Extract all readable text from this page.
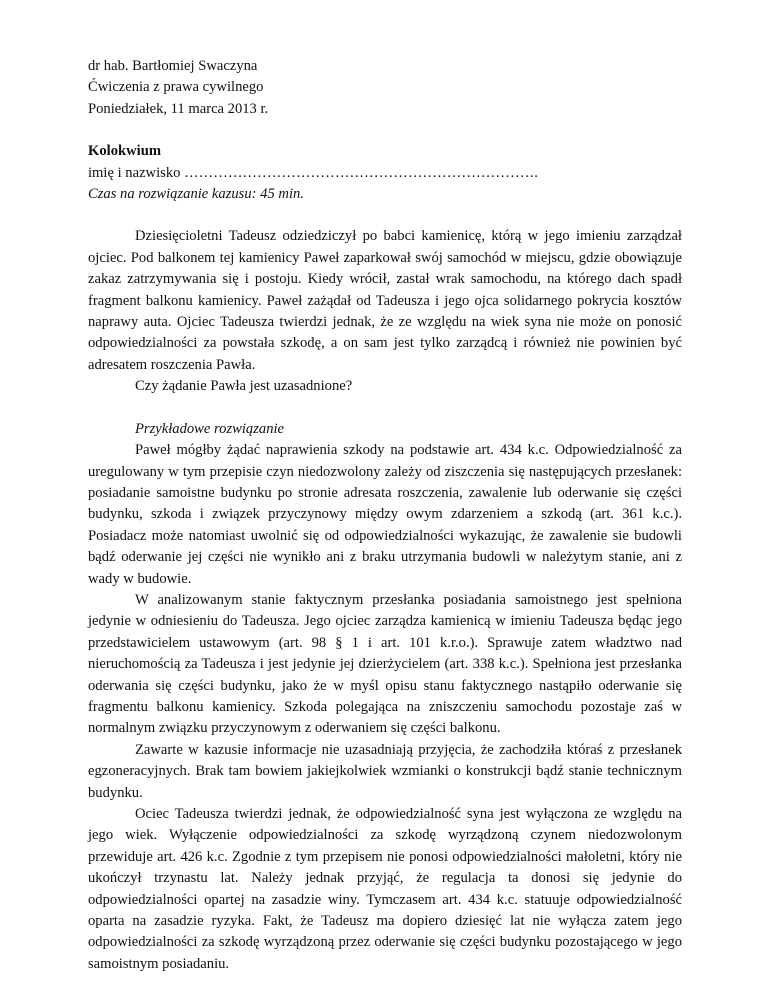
dr hab. Bartłomiej Swaczyna
Ćwiczenia z prawa cywilnego
Poniedziałek, 11 marca 2013 r.
Kolokwium
imię i nazwisko ……………………………………………………………….
Czas na rozwiązanie kazusu: 45 min.

Dziesięcioletni Tadeusz odziedziczył po babci kamienicę, którą w jego imieniu zarządzał ojciec. Pod balkonem tej kamienicy Paweł zaparkował swój samochód w miejscu, gdzie obowiązuje zakaz zatrzymywania się i postoju. Kiedy wrócił, zastał wrak samochodu, na którego dach spadł fragment balkonu kamienicy. Paweł zażądał od Tadeusza i jego ojca solidarnego pokrycia kosztów naprawy auta. Ojciec Tadeusza twierdzi jednak, że ze względu na wiek syna nie może on ponosić odpowiedzialności za powstała szkodę, a on sam jest tylko zarządcą i również nie powinien być adresatem roszczenia Pawła.

Czy żądanie Pawła jest uzasadnione?

Przykładowe rozwiązanie

Paweł mógłby żądać naprawienia szkody na podstawie art. 434 k.c. Odpowiedzialność za uregulowany w tym przepisie czyn niedozwolony zależy od ziszczenia się następujących przesłanek: posiadanie samoistne budynku po stronie adresata roszczenia, zawalenie lub oderwanie się części budynku, szkoda i związek przyczynowy między owym zdarzeniem a szkodą (art. 361 k.c.). Posiadacz może natomiast uwolnić się od odpowiedzialności wykazując, że zawalenie sie budowli bądź oderwanie jej części nie wynikło ani z braku utrzymania budowli w należytym stanie, ani z wady w budowie.

W analizowanym stanie faktycznym przesłanka posiadania samoistnego jest spełniona jedynie w odniesieniu do Tadeusza. Jego ojciec zarządza kamienicą w imieniu Tadeusza będąc jego przedstawicielem ustawowym (art. 98 § 1 i art. 101 k.r.o.). Sprawuje zatem władztwo nad nieruchomością za Tadeusza i jest jedynie jej dzierżycielem (art. 338 k.c.). Spełniona jest przesłanka oderwania się części budynku, jako że w myśl opisu stanu faktycznego nastąpiło oderwanie się fragmentu balkonu kamienicy. Szkoda polegająca na zniszczeniu samochodu pozostaje zaś w normalnym związku przyczynowym z oderwaniem się części balkonu.

Zawarte w kazusie informacje nie uzasadniają przyjęcia, że zachodziła któraś z przesłanek egzoneracyjnych. Brak tam bowiem jakiejkolwiek wzmianki o konstrukcji bądź stanie technicznym budynku.

Ociec Tadeusza twierdzi jednak, że odpowiedzialność syna jest wyłączona ze względu na jego wiek. Wyłączenie odpowiedzialności za szkodę wyrządzoną czynem niedozwolonym przewiduje art. 426 k.c. Zgodnie z tym przepisem nie ponosi odpowiedzialności małoletni, który nie ukończył trzynastu lat. Należy jednak przyjąć, że regulacja ta donosi się jedynie do odpowiedzialności opartej na zasadzie winy. Tymczasem art. 434 k.c. statuuje odpowiedzialność oparta na zasadzie ryzyka. Fakt, że Tadeusz ma dopiero dziesięć lat nie wyłącza zatem jego odpowiedzialności za szkodę wyrządzoną przez oderwanie się części budynku pozostającego w jego samoistnym posiadaniu.
